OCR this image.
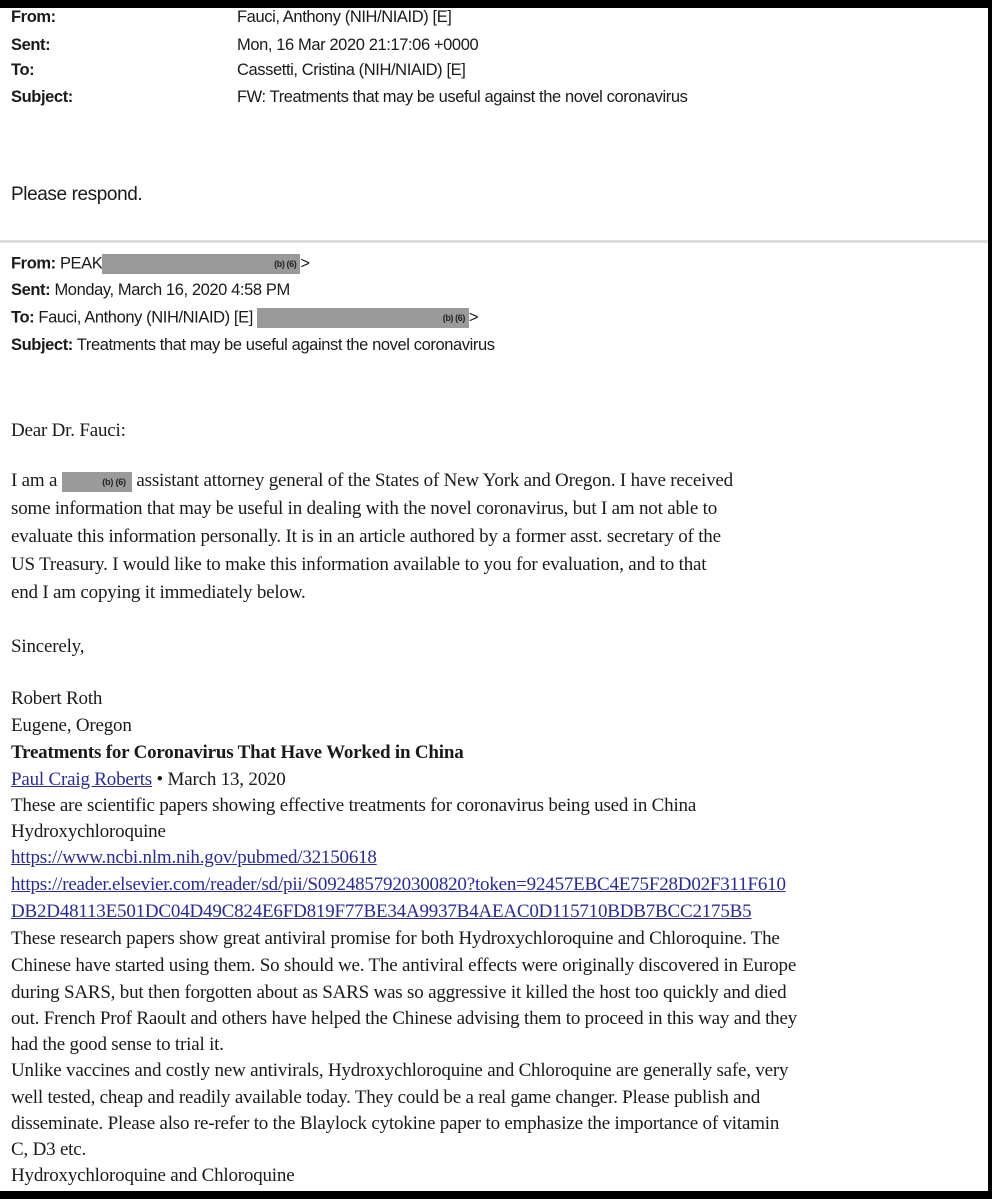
From:	Fauci, Anthony (NIH/NIAID) [E]
Sent:	Mon, 16 Mar 2020 21:17:06 +0000
To:	Cassetti, Cristina (NIH/NIAID) [E]
Subject:	FW: Treatments that may be useful against the novel coronavirus
Please respond.
From: PEAK	(b) (6) >
Sent: Monday, March 16, 2020 4:58 PM
To: Fauci, Anthony (NIH/NIAID) [E]	(b) (6) >
Subject: Treatments that may be useful against the novel coronavirus
Dear Dr. Fauci:
I am a	(b) (6) assistant attorney general of the States of New York and Oregon. I have received
some information that may be useful in dealing with the novel coronavirus, but I am not able to
evaluate this information personally. It is in an article authored by a former asst. secretary of the
US Treasury. I would like to make this information available to you for evaluation, and to that
end I am copying it immediately below.
Sincerely,
Robert Roth
Eugene, Oregon
Treatments for Coronavirus That Have Worked in China
Paul Craig Roberts • March 13, 2020
These are scientific papers showing effective treatments for coronavirus being used in China
Hydroxychloroquine
https://www.ncbi.nlm.nih.gov/pubmed/32150618
https://reader.elsevier.com/reader/sd/pii/S0924857920300820?token=92457EBC4E75F28D02F311F610
DB2D48113E501DC04D49C824E6FD819F77BE34A9937B4AEAC0D115710BDB7BCC2175B5
These research papers show great antiviral promise for both Hydroxychloroquine and Chloroquine. The
Chinese have started using them. So should we. The antiviral effects were originally discovered in Europe
during SARS, but then forgotten about as SARS was so aggressive it killed the host too quickly and died
out. French Prof Raoult and others have helped the Chinese advising them to proceed in this way and they
had the good sense to trial it.
Unlike vaccines and costly new antivirals, Hydroxychloroquine and Chloroquine are generally safe, very
well tested, cheap and readily available today. They could be a real game changer. Please publish and
disseminate. Please also re-refer to the Blaylock cytokine paper to emphasize the importance of vitamin
C, D3 etc.
Hydroxychloroquine and Chloroquine
